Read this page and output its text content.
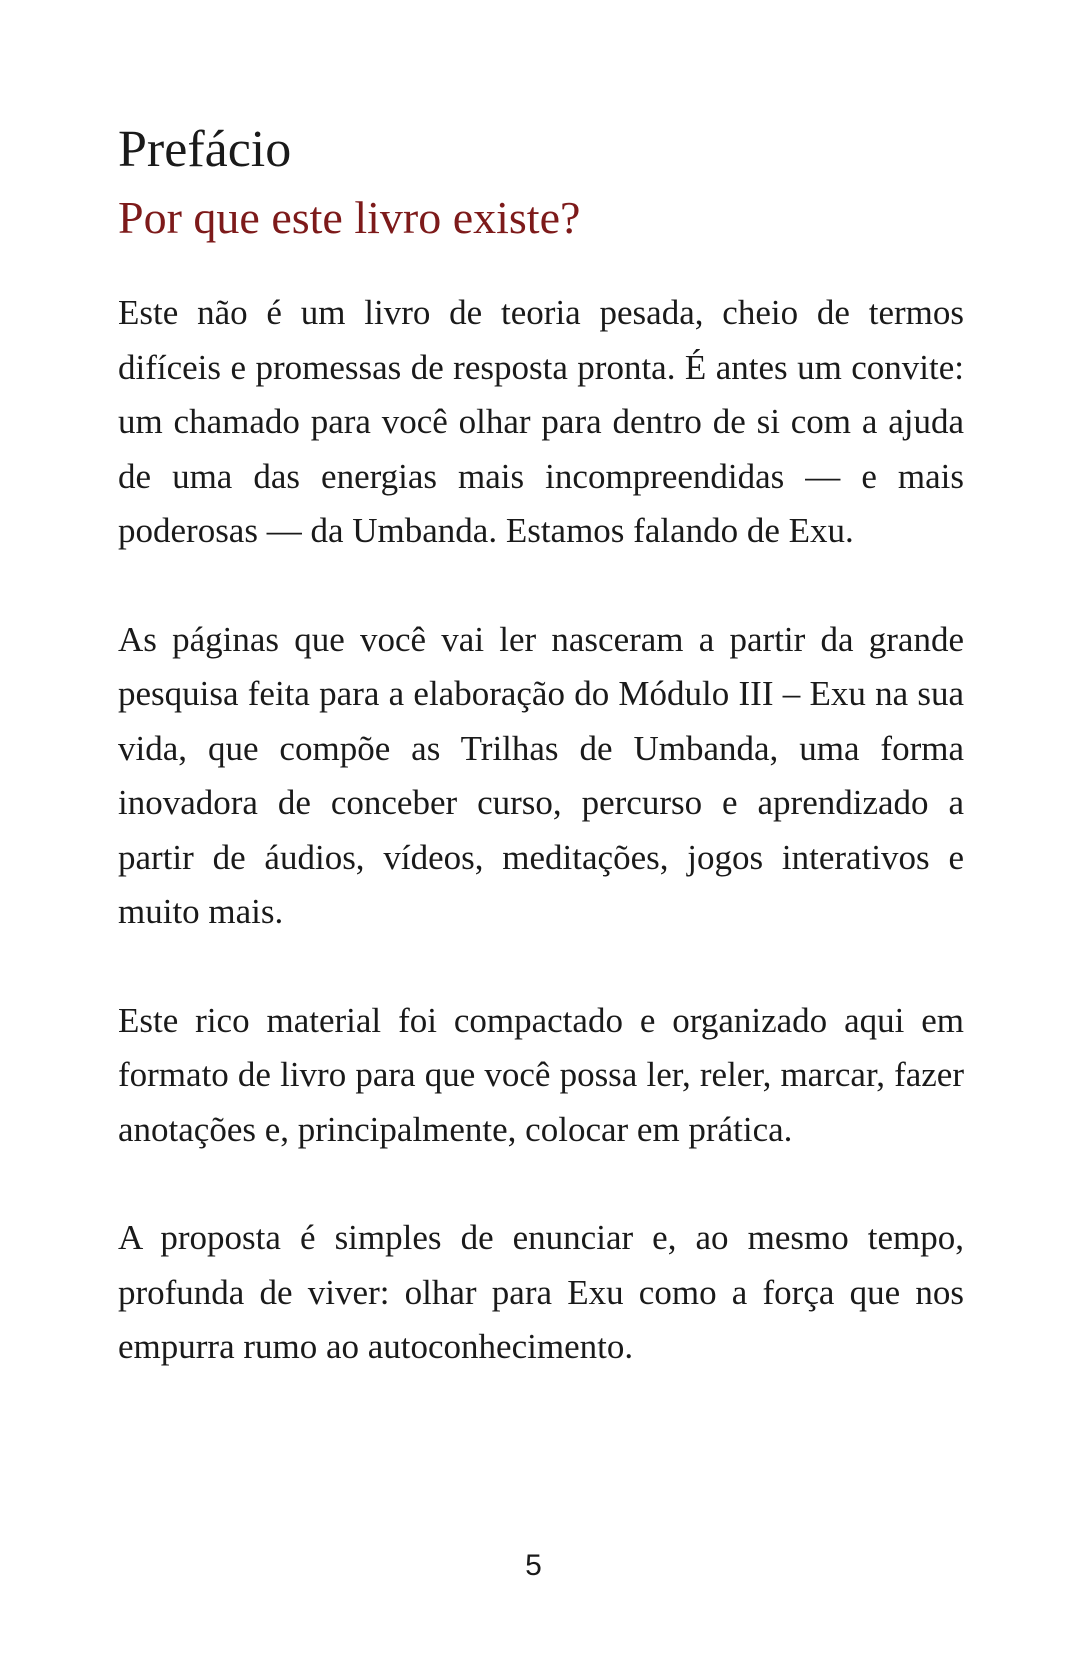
Prefácio
Por que este livro existe?

Este não é um livro de teoria pesada, cheio de termos difíceis e promessas de resposta pronta. É antes um convite: um chamado para você olhar para dentro de si com a ajuda de uma das energias mais incompreendidas — e mais poderosas — da Umbanda. Estamos falando de Exu.

As páginas que você vai ler nasceram a partir da grande pesquisa feita para a elaboração do Módulo III – Exu na sua vida, que compõe as Trilhas de Umbanda, uma forma inovadora de conceber curso, percurso e aprendizado a partir de áudios, vídeos, meditações, jogos interativos e muito mais.

Este rico material foi compactado e organizado aqui em formato de livro para que você possa ler, reler, marcar, fazer anotações e, principalmente, colocar em prática.

A proposta é simples de enunciar e, ao mesmo tempo, profunda de viver: olhar para Exu como a força que nos empurra rumo ao autoconhecimento.

5
